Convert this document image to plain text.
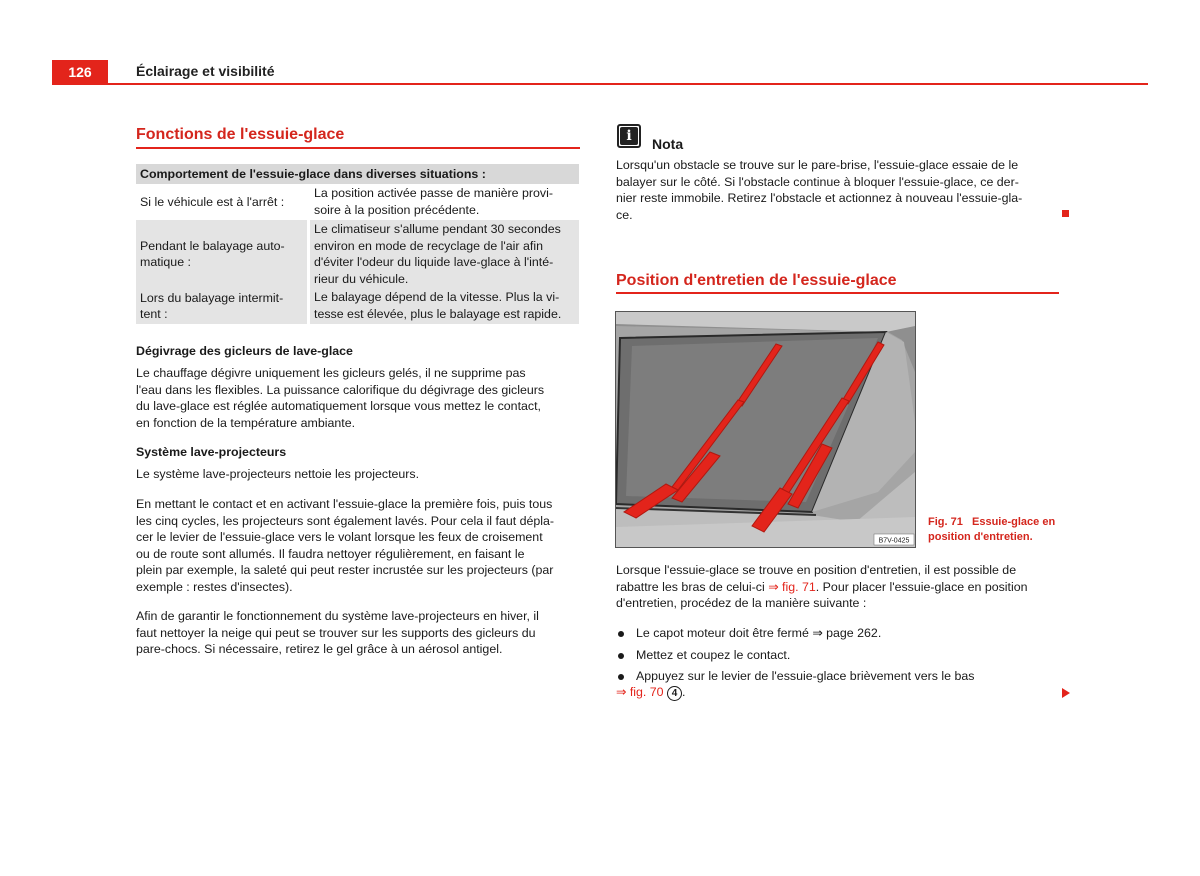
126	Éclairage et visibilité
Fonctions de l'essuie-glace
Comportement de l'essuie-glace dans diverses situations :	
Si le véhicule est à l'arrêt :	La position activée passe de manière provi-
soire à la position précédente.
Pendant le balayage auto-
matique :	Le climatiseur s'allume pendant 30 secondes
environ en mode de recyclage de l'air afin
d'éviter l'odeur du liquide lave-glace à l'inté-
rieur du véhicule.
Lors du balayage intermit-
tent :	Le balayage dépend de la vitesse. Plus la vi-
tesse est élevée, plus le balayage est rapide.
Dégivrage des gicleurs de lave-glace
Le chauffage dégivre uniquement les gicleurs gelés, il ne supprime pas
l'eau dans les flexibles. La puissance calorifique du dégivrage des gicleurs
du lave-glace est réglée automatiquement lorsque vous mettez le contact,
en fonction de la température ambiante.
Système lave-projecteurs
Le système lave-projecteurs nettoie les projecteurs.
En mettant le contact et en activant l'essuie-glace la première fois, puis tous
les cinq cycles, les projecteurs sont également lavés. Pour cela il faut dépla-
cer le levier de l'essuie-glace vers le volant lorsque les feux de croisement
ou de route sont allumés. Il faudra nettoyer régulièrement, en faisant le
plein par exemple, la saleté qui peut rester incrustée sur les projecteurs (par
exemple : restes d'insectes).
Afin de garantir le fonctionnement du système lave-projecteurs en hiver, il
faut nettoyer la neige qui peut se trouver sur les supports des gicleurs du
pare-chocs. Si nécessaire, retirez le gel grâce à un aérosol antigel.
i	Nota
Lorsqu'un obstacle se trouve sur le pare-brise, l'essuie-glace essaie de le
balayer sur le côté. Si l'obstacle continue à bloquer l'essuie-glace, ce der-
nier reste immobile. Retirez l'obstacle et actionnez à nouveau l'essuie-gla-
ce.
Position d'entretien de l'essuie-glace
B7V-0425
Fig. 71 Essuie-glace en
position d'entretien.
Lorsque l'essuie-glace se trouve en position d'entretien, il est possible de
rabattre les bras de celui-ci ⇒ fig. 71. Pour placer l'essuie-glace en position
d'entretien, procédez de la manière suivante :
Le capot moteur doit être fermé ⇒ page 262.
Mettez et coupez le contact.
Appuyez sur le levier de l'essuie-glace brièvement vers le bas
⇒ fig. 70 4 .
